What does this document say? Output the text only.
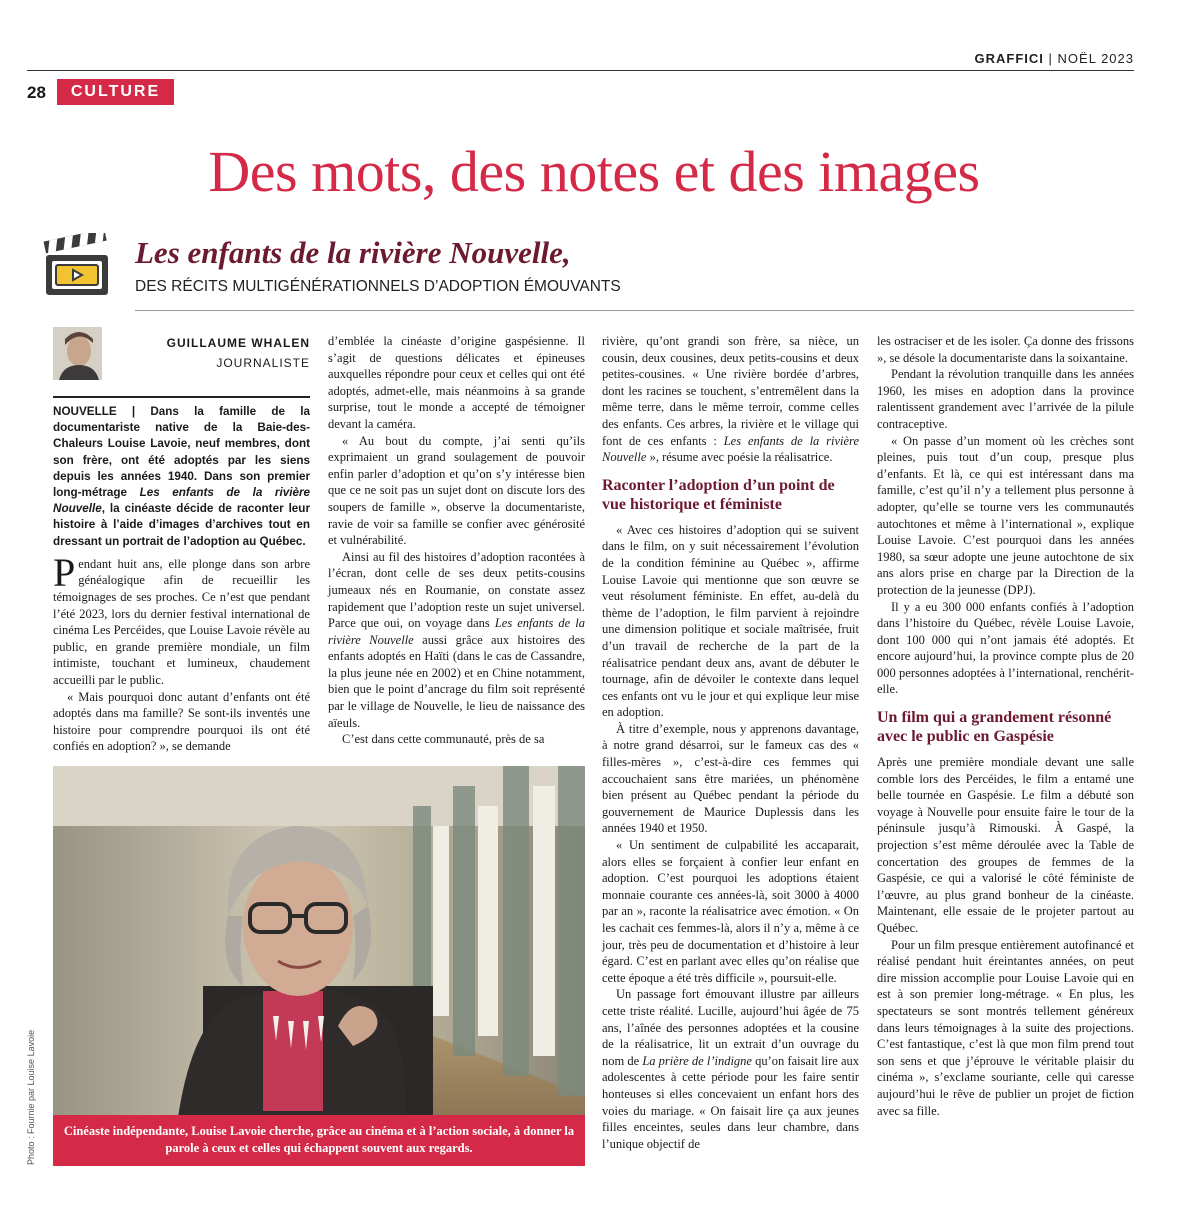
GRAFFICI | NOËL 2023
28	CULTURE
Des mots, des notes et des images
Les enfants de la rivière Nouvelle,
DES RÉCITS MULTIGÉNÉRATIONNELS D’ADOPTION ÉMOUVANTS
GUILLAUME WHALEN
JOURNALISTE

NOUVELLE | Dans la famille de la documentariste native de la Baie-des-Chaleurs Louise Lavoie, neuf membres, dont son frère, ont été adoptés par les siens depuis les années 1940. Dans son premier long-métrage Les enfants de la rivière Nouvelle, la cinéaste décide de raconter leur histoire à l’aide d’images d’archives tout en dressant un portrait de l’adoption au Québec.

Pendant huit ans, elle plonge dans son arbre généalogique afin de recueillir les témoignages de ses proches. Ce n’est que pendant l’été 2023, lors du dernier festival international de cinéma Les Percéides, que Louise Lavoie révèle au public, en grande première mondiale, un film intimiste, touchant et lumineux, chaudement accueilli par le public.

« Mais pourquoi donc autant d’enfants ont été adoptés dans ma famille? Se sont-ils inventés une histoire pour comprendre pourquoi ils ont été confiés en adoption? », se demande

d’emblée la cinéaste d’origine gaspésienne. Il s’agit de questions délicates et épineuses auxquelles répondre pour ceux et celles qui ont été adoptés, admet-elle, mais néanmoins à sa grande surprise, tout le monde a accepté de témoigner devant la caméra.

« Au bout du compte, j’ai senti qu’ils exprimaient un grand soulagement de pouvoir enfin parler d’adoption et qu’on s’y intéresse bien que ce ne soit pas un sujet dont on discute lors des soupers de famille », observe la documentariste, ravie de voir sa famille se confier avec générosité et vulnérabilité.

Ainsi au fil des histoires d’adoption racontées à l’écran, dont celle de ses deux petits-cousins jumeaux nés en Roumanie, on constate assez rapidement que l’adoption reste un sujet universel. Parce que oui, on voyage dans Les enfants de la rivière Nouvelle aussi grâce aux histoires des enfants adoptés en Haïti (dans le cas de Cassandre, la plus jeune née en 2002) et en Chine notamment, bien que le point d’ancrage du film soit représenté par le village de Nouvelle, le lieu de naissance des aïeuls.

C’est dans cette communauté, près de sa

rivière, qu’ont grandi son frère, sa nièce, un cousin, deux cousines, deux petits-cousins et deux petites-cousines. « Une rivière bordée d’arbres, dont les racines se touchent, s’entremêlent dans la même terre, dans le même terroir, comme celles des enfants. Ces arbres, la rivière et le village qui font de ces enfants : Les enfants de la rivière Nouvelle », résume avec poésie la réalisatrice.

Raconter l’adoption d’un point de vue historique et féministe

« Avec ces histoires d’adoption qui se suivent dans le film, on y suit nécessairement l’évolution de la condition féminine au Québec », affirme Louise Lavoie qui mentionne que son œuvre se veut résolument féministe. En effet, au-delà du thème de l’adoption, le film parvient à rejoindre une dimension politique et sociale maîtrisée, fruit d’un travail de recherche de la part de la réalisatrice pendant deux ans, avant de débuter le tournage, afin de dévoiler le contexte dans lequel ces enfants ont vu le jour et qui explique leur mise en adoption.

À titre d’exemple, nous y apprenons davantage, à notre grand désarroi, sur le fameux cas des « filles-mères », c’est-à-dire ces femmes qui accouchaient sans être mariées, un phénomène bien présent au Québec pendant la période du gouvernement de Maurice Duplessis dans les années 1940 et 1950.

« Un sentiment de culpabilité les accaparait, alors elles se forçaient à confier leur enfant en adoption. C’est pourquoi les adoptions étaient monnaie courante ces années-là, soit 3000 à 4000 par an », raconte la réalisatrice avec émotion. « On les cachait ces femmes-là, alors il n’y a, même à ce jour, très peu de documentation et d’histoire à leur égard. C’est en parlant avec elles qu’on réalise que cette époque a été très difficile », poursuit-elle.

Un passage fort émouvant illustre par ailleurs cette triste réalité. Lucille, aujourd’hui âgée de 75 ans, l’aînée des personnes adoptées et la cousine de la réalisatrice, lit un extrait d’un ouvrage du nom de La prière de l’indigne qu’on faisait lire aux adolescentes à cette période pour les faire sentir honteuses si elles concevaient un enfant hors des voies du mariage. « On faisait lire ça aux jeunes filles enceintes, seules dans leur chambre, dans l’unique objectif de

les ostraciser et de les isoler. Ça donne des frissons », se désole la documentariste dans la soixantaine.

Pendant la révolution tranquille dans les années 1960, les mises en adoption dans la province ralentissent grandement avec l’arrivée de la pilule contraceptive.

« On passe d’un moment où les crèches sont pleines, puis tout d’un coup, presque plus d’enfants. Et là, ce qui est intéressant dans ma famille, c’est qu’il n’y a tellement plus personne à adopter, qu’elle se tourne vers les communautés autochtones et même à l’international », explique Louise Lavoie. C’est pourquoi dans les années 1980, sa sœur adopte une jeune autochtone de six ans alors prise en charge par la Direction de la protection de la jeunesse (DPJ).

Il y a eu 300 000 enfants confiés à l’adoption dans l’histoire du Québec, révèle Louise Lavoie, dont 100 000 qui n’ont jamais été adoptés. Et encore aujourd’hui, la province compte plus de 20 000 personnes adoptées à l’international, renchérit-elle.

Un film qui a grandement résonné avec le public en Gaspésie

Après une première mondiale devant une salle comble lors des Percéides, le film a entamé une belle tournée en Gaspésie. Le film a débuté son voyage à Nouvelle pour ensuite faire le tour de la péninsule jusqu’à Rimouski. À Gaspé, la projection s’est même déroulée avec la Table de concertation des groupes de femmes de la Gaspésie, ce qui a valorisé le côté féministe de l’œuvre, au plus grand bonheur de la cinéaste. Maintenant, elle essaie de le projeter partout au Québec.

Pour un film presque entièrement autofinancé et réalisé pendant huit éreintantes années, on peut dire mission accomplie pour Louise Lavoie qui en est à son premier long-métrage. « En plus, les spectateurs se sont montrés tellement généreux dans leurs témoignages à la suite des projections. C’est fantastique, c’est là que mon film prend tout son sens et que j’éprouve le véritable plaisir du cinéma », s’exclame souriante, celle qui caresse aujourd’hui le rêve de publier un projet de fiction avec sa fille.

Cinéaste indépendante, Louise Lavoie cherche, grâce au cinéma et à l’action sociale, à donner la parole à ceux et celles qui échappent souvent aux regards.
Photo : Fournie par Louise Lavoie
